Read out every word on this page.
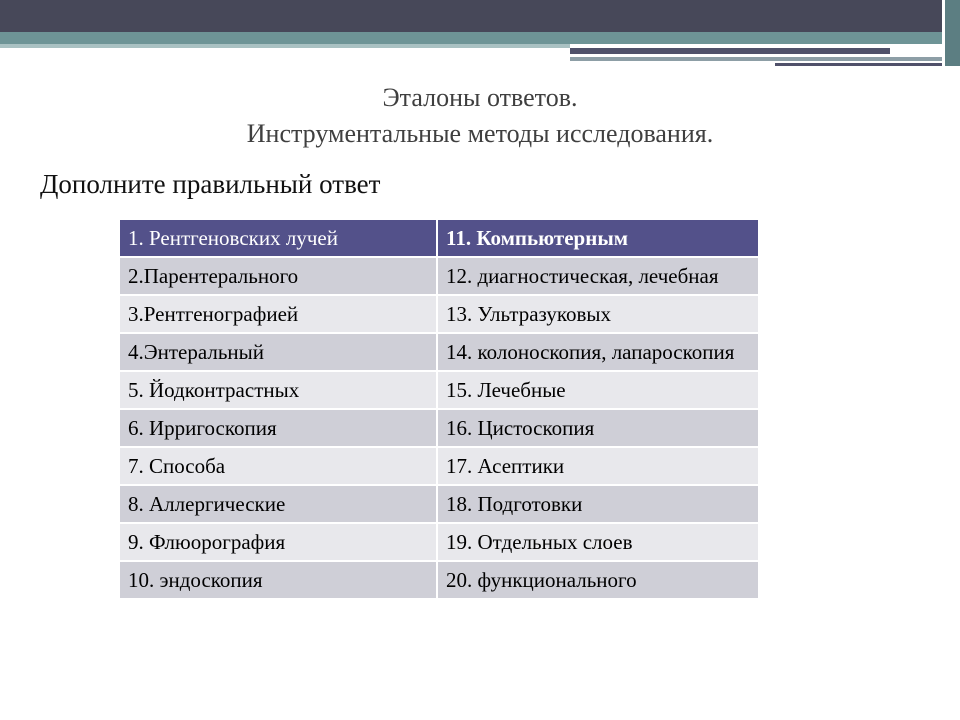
Эталоны ответов.
Инструментальные методы исследования.
Дополните правильный ответ
1. Рентгеновских лучей	11. Компьютерным
2.Парентерального	12. диагностическая, лечебная
3.Рентгенографией	13. Ультразуковых
4.Энтеральный	14. колоноскопия, лапароскопия
5. Йодконтрастных	15. Лечебные
6. Ирригоскопия	16. Цистоскопия
7. Способа	17. Асептики
8. Аллергические	18. Подготовки
9. Флюорография	19. Отдельных слоев
10. эндоскопия	20. функционального
